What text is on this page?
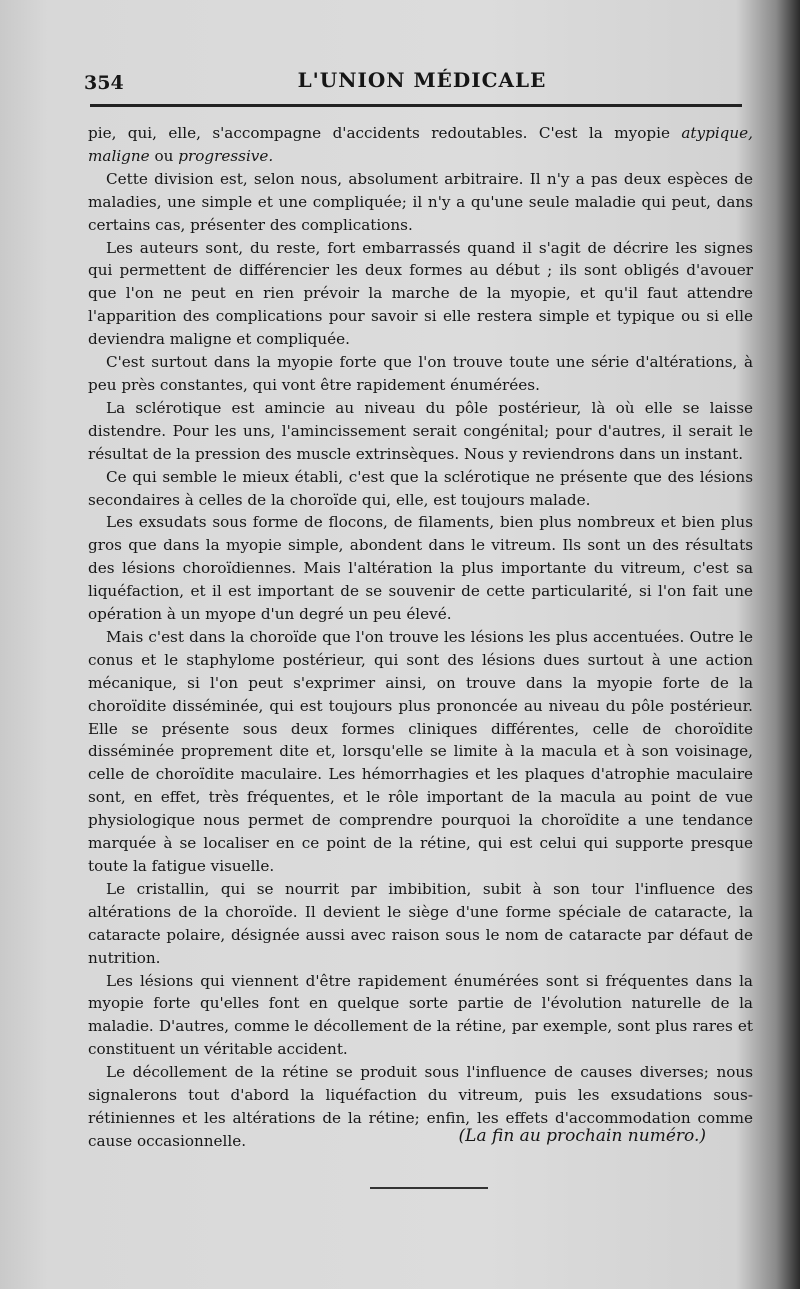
354	L'UNION MÉDICALE

pie, qui, elle, s'accompagne d'accidents redoutables. C'est la myopie atypique, maligne ou progressive.

Cette division est, selon nous, absolument arbitraire. Il n'y a pas deux espèces de maladies, une simple et une compliquée; il n'y a qu'une seule maladie qui peut, dans certains cas, présenter des complications.

Les auteurs sont, du reste, fort embarrassés quand il s'agit de décrire les signes qui permettent de différencier les deux formes au début ; ils sont obligés d'avouer que l'on ne peut en rien prévoir la marche de la myopie, et qu'il faut attendre l'apparition des complications pour savoir si elle restera simple et typique ou si elle deviendra maligne et compliquée.

C'est surtout dans la myopie forte que l'on trouve toute une série d'altérations, à peu près constantes, qui vont être rapidement énumérées.

La sclérotique est amincie au niveau du pôle postérieur, là où elle se laisse distendre. Pour les uns, l'amincissement serait congénital; pour d'autres, il serait le résultat de la pression des muscle extrinsèques. Nous y reviendrons dans un instant.

Ce qui semble le mieux établi, c'est que la sclérotique ne présente que des lésions secondaires à celles de la choroïde qui, elle, est toujours malade.

Les exsudats sous forme de flocons, de filaments, bien plus nombreux et bien plus gros que dans la myopie simple, abondent dans le vitreum. Ils sont un des résultats des lésions choroïdiennes. Mais l'altération la plus importante du vitreum, c'est sa liquéfaction, et il est important de se souvenir de cette particularité, si l'on fait une opération à un myope d'un degré un peu élevé.

Mais c'est dans la choroïde que l'on trouve les lésions les plus accentuées. Outre le conus et le staphylome postérieur, qui sont des lésions dues surtout à une action mécanique, si l'on peut s'exprimer ainsi, on trouve dans la myopie forte de la choroïdite disséminée, qui est toujours plus prononcée au niveau du pôle postérieur. Elle se présente sous deux formes cliniques différentes, celle de choroïdite disséminée proprement dite et, lorsqu'elle se limite à la macula et à son voisinage, celle de choroïdite maculaire. Les hémorrhagies et les plaques d'atrophie maculaire sont, en effet, très fréquentes, et le rôle important de la macula au point de vue physiologique nous permet de comprendre pourquoi la choroïdite a une tendance marquée à se localiser en ce point de la rétine, qui est celui qui supporte presque toute la fatigue visuelle.

Le cristallin, qui se nourrit par imbibition, subit à son tour l'influence des altérations de la choroïde. Il devient le siège d'une forme spéciale de cataracte, la cataracte polaire, désignée aussi avec raison sous le nom de cataracte par défaut de nutrition.

Les lésions qui viennent d'être rapidement énumérées sont si fréquentes dans la myopie forte qu'elles font en quelque sorte partie de l'évolution naturelle de la maladie. D'autres, comme le décollement de la rétine, par exemple, sont plus rares et constituent un véritable accident.

Le décollement de la rétine se produit sous l'influence de causes diverses; nous signalerons tout d'abord la liquéfaction du vitreum, puis les exsudations sous-rétiniennes et les altérations de la rétine; enfin, les effets d'accommodation comme cause occasionnelle.	(La fin au prochain numéro.)
